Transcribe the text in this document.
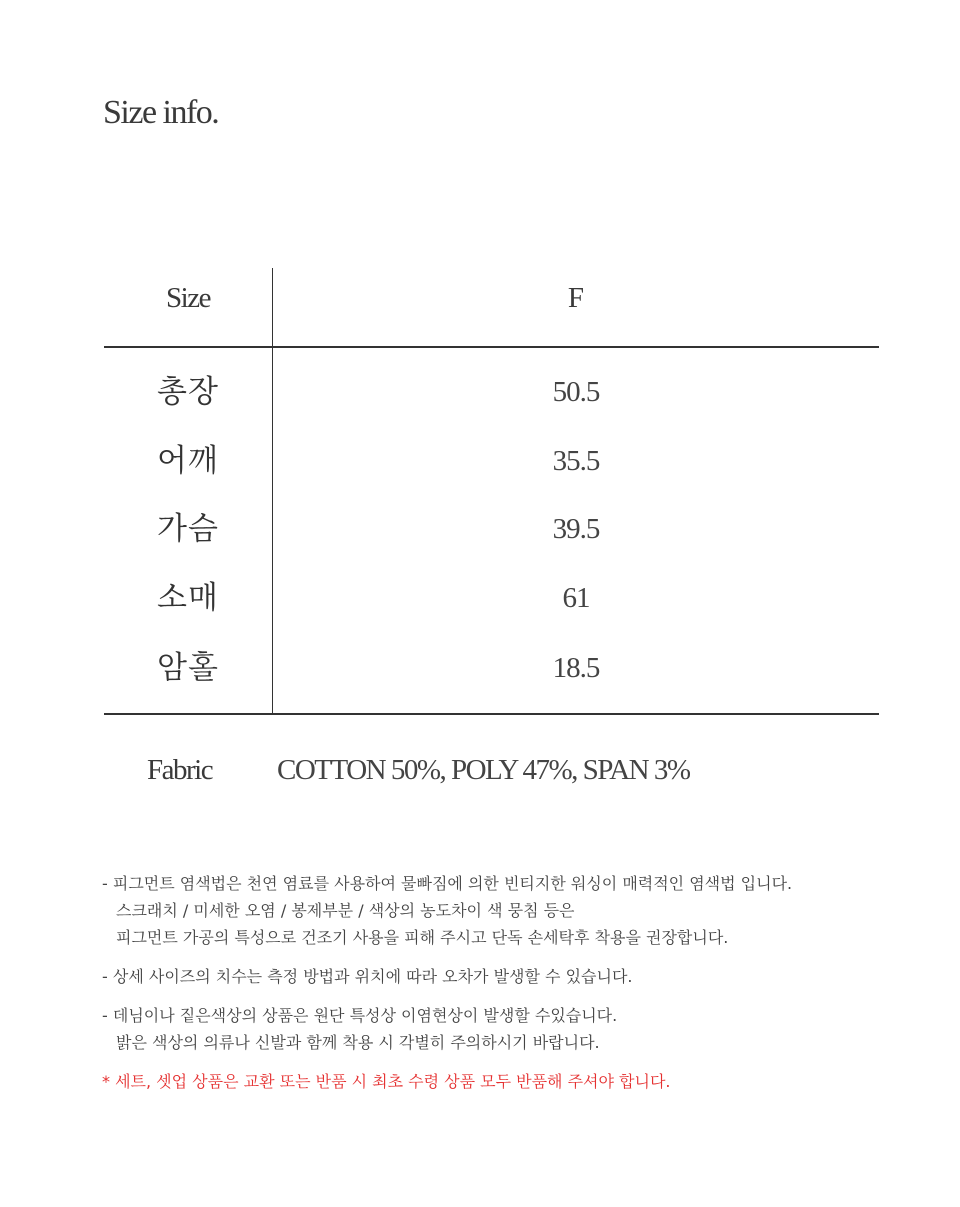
Size info.
Size	F
총장	50.5
어깨	35.5
가슴	39.5
소매	61
암홀	18.5
Fabric COTTON 50%, POLY 47%, SPAN 3%
- 피그먼트 염색법은 천연 염료를 사용하여 물빠짐에 의한 빈티지한 워싱이 매력적인 염색법 입니다.
스크래치 / 미세한 오염 / 봉제부분 / 색상의 농도차이 색 뭉침 등은
피그먼트 가공의 특성으로 건조기 사용을 피해 주시고 단독 손세탁후 착용을 권장합니다.
- 상세 사이즈의 치수는 측정 방법과 위치에 따라 오차가 발생할 수 있습니다.
- 데님이나 짙은색상의 상품은 원단 특성상 이염현상이 발생할 수있습니다.
밝은 색상의 의류나 신발과 함께 착용 시 각별히 주의하시기 바랍니다.
* 세트, 셋업 상품은 교환 또는 반품 시 최초 수령 상품 모두 반품해 주셔야 합니다.
